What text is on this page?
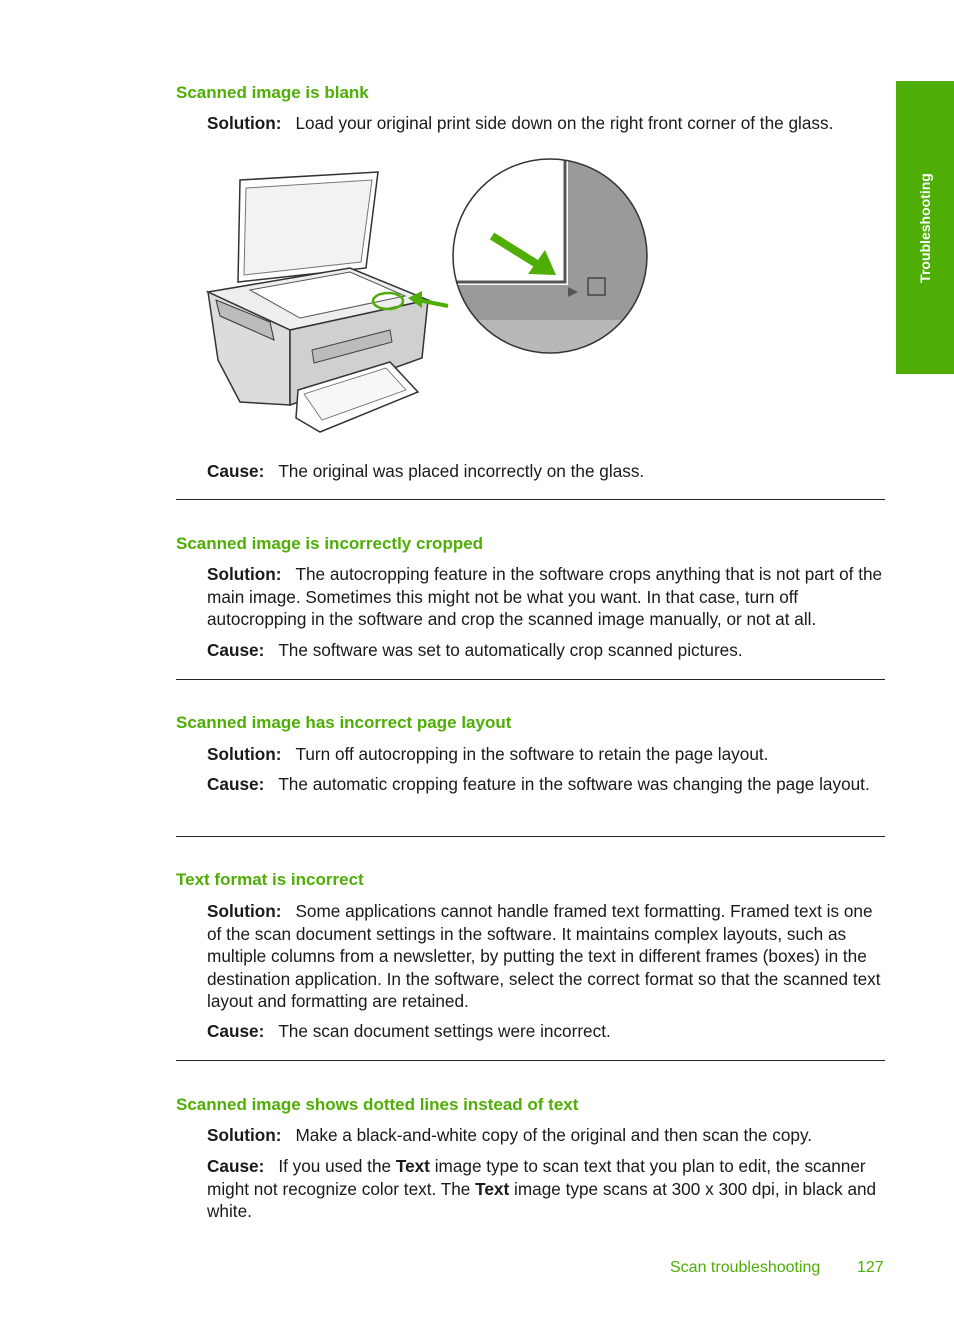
Troubleshooting
Scanned image is blank

Solution: Load your original print side down on the right front corner of the glass.

Cause: The original was placed incorrectly on the glass.

Scanned image is incorrectly cropped

Solution: The autocropping feature in the software crops anything that is not part of the main image. Sometimes this might not be what you want. In that case, turn off autocropping in the software and crop the scanned image manually, or not at all.

Cause: The software was set to automatically crop scanned pictures.

Scanned image has incorrect page layout

Solution: Turn off autocropping in the software to retain the page layout.

Cause: The automatic cropping feature in the software was changing the page layout.

Text format is incorrect

Solution: Some applications cannot handle framed text formatting. Framed text is one of the scan document settings in the software. It maintains complex layouts, such as multiple columns from a newsletter, by putting the text in different frames (boxes) in the destination application. In the software, select the correct format so that the scanned text layout and formatting are retained.

Cause: The scan document settings were incorrect.

Scanned image shows dotted lines instead of text

Solution: Make a black-and-white copy of the original and then scan the copy.

Cause: If you used the Text image type to scan text that you plan to edit, the scanner might not recognize color text. The Text image type scans at 300 x 300 dpi, in black and white.

Scan troubleshooting 127
